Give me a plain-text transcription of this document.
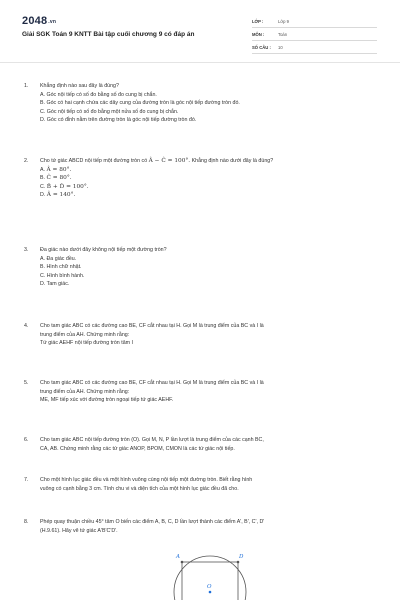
2048.vn
Giải SGK Toán 9 KNTT Bài tập cuối chương 9 có đáp án
LỚP :	Lớp 9
MÔN :	Toán
SỐ CÂU :	10
1.	Khẳng định nào sau đây là đúng?
A. Góc nội tiếp có số đo bằng số đo cung bị chắn.
B. Góc có hai cạnh chứa các dây cung của đường tròn là góc nội tiếp đường tròn đó.
C. Góc nội tiếp có số đo bằng một nửa số đo cung bị chắn.
D. Góc có đỉnh nằm trên đường tròn là góc nội tiếp đường tròn đó.
2.	Cho tứ giác ABCD nội tiếp một đường tròn có Â − Ĉ = 100°. Khẳng định nào dưới đây là đúng?
A. Â = 80°.
B. Ĉ = 80°.
C. B̂ + D̂ = 100°.
D. Â = 140°.
3.	Đa giác nào dưới đây không nội tiếp một đường tròn?
A. Đa giác đều.
B. Hình chữ nhật.
C. Hình bình hành.
D. Tam giác.
4.	Cho tam giác ABC có các đường cao BE, CF cắt nhau tại H. Gọi M là trung điểm của BC và I là
trung điểm của AH. Chứng minh rằng:
Tứ giác AEHF nội tiếp đường tròn tâm I
5.	Cho tam giác ABC có các đường cao BE, CF cắt nhau tại H. Gọi M là trung điểm của BC và I là
trung điểm của AH. Chứng minh rằng:
ME, MF tiếp xúc với đường tròn ngoại tiếp tứ giác AEHF.
6.	Cho tam giác ABC nội tiếp đường tròn (O). Gọi M, N, P lần lượt là trung điểm của các cạnh BC,
CA, AB. Chứng minh rằng các tứ giác ANOP, BPOM, CMON là các tứ giác nội tiếp.
7.	Cho một hình lục giác đều và một hình vuông cùng nội tiếp một đường tròn. Biết rằng hình
vuông có cạnh bằng 3 cm. Tính chu vi và diện tích của một hình lục giác đều đã cho.
8.	Phép quay thuận chiều 45° tâm O biến các điểm A, B, C, D lần lượt thành các điểm A', B', C', D'
(H.9.61). Hãy vẽ tứ giác A'B'C'D'.
A	D
O
